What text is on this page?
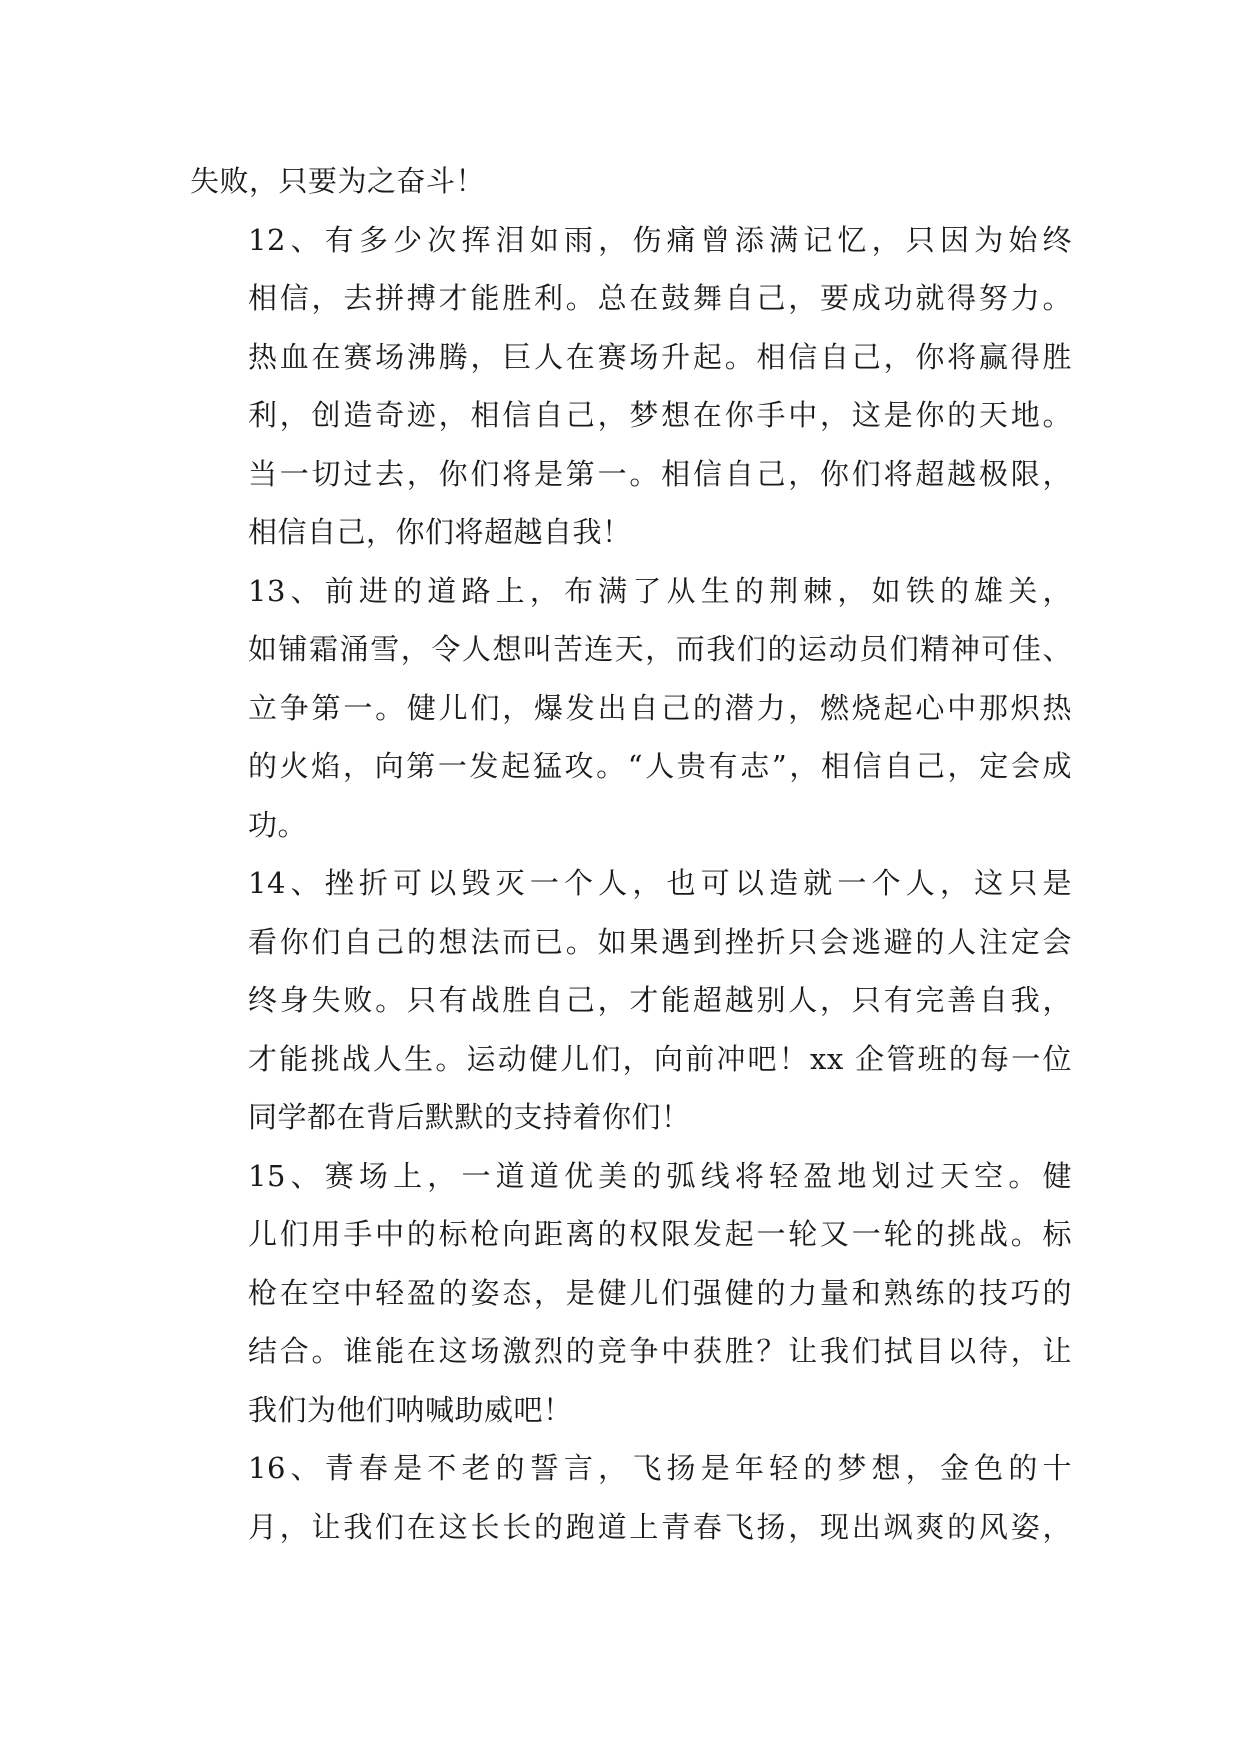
失败，只要为之奋斗！
12、有多少次挥泪如雨，伤痛曾添满记忆，只因为始终
相信，去拼搏才能胜利。总在鼓舞自己，要成功就得努力。
热血在赛场沸腾，巨人在赛场升起。相信自己，你将赢得胜
利，创造奇迹，相信自己，梦想在你手中，这是你的天地。
当一切过去，你们将是第一。相信自己，你们将超越极限，
相信自己，你们将超越自我！
13、前进的道路上，布满了从生的荆棘，如铁的雄关，
如铺霜涌雪，令人想叫苦连天，而我们的运动员们精神可佳、
立争第一。健儿们，爆发出自己的潜力，燃烧起心中那炽热
的火焰，向第一发起猛攻。“人贵有志”，相信自己，定会成
功。
14、挫折可以毁灭一个人，也可以造就一个人，这只是
看你们自己的想法而已。如果遇到挫折只会逃避的人注定会
终身失败。只有战胜自己，才能超越别人，只有完善自我，
才能挑战人生。运动健儿们，向前冲吧！xx 企管班的每一位
同学都在背后默默的支持着你们！
15、赛场上，一道道优美的弧线将轻盈地划过天空。健
儿们用手中的标枪向距离的权限发起一轮又一轮的挑战。标
枪在空中轻盈的姿态，是健儿们强健的力量和熟练的技巧的
结合。谁能在这场激烈的竞争中获胜？让我们拭目以待，让
我们为他们呐喊助威吧！
16、青春是不老的誓言，飞扬是年轻的梦想，金色的十
月，让我们在这长长的跑道上青春飞扬，现出飒爽的风姿，
